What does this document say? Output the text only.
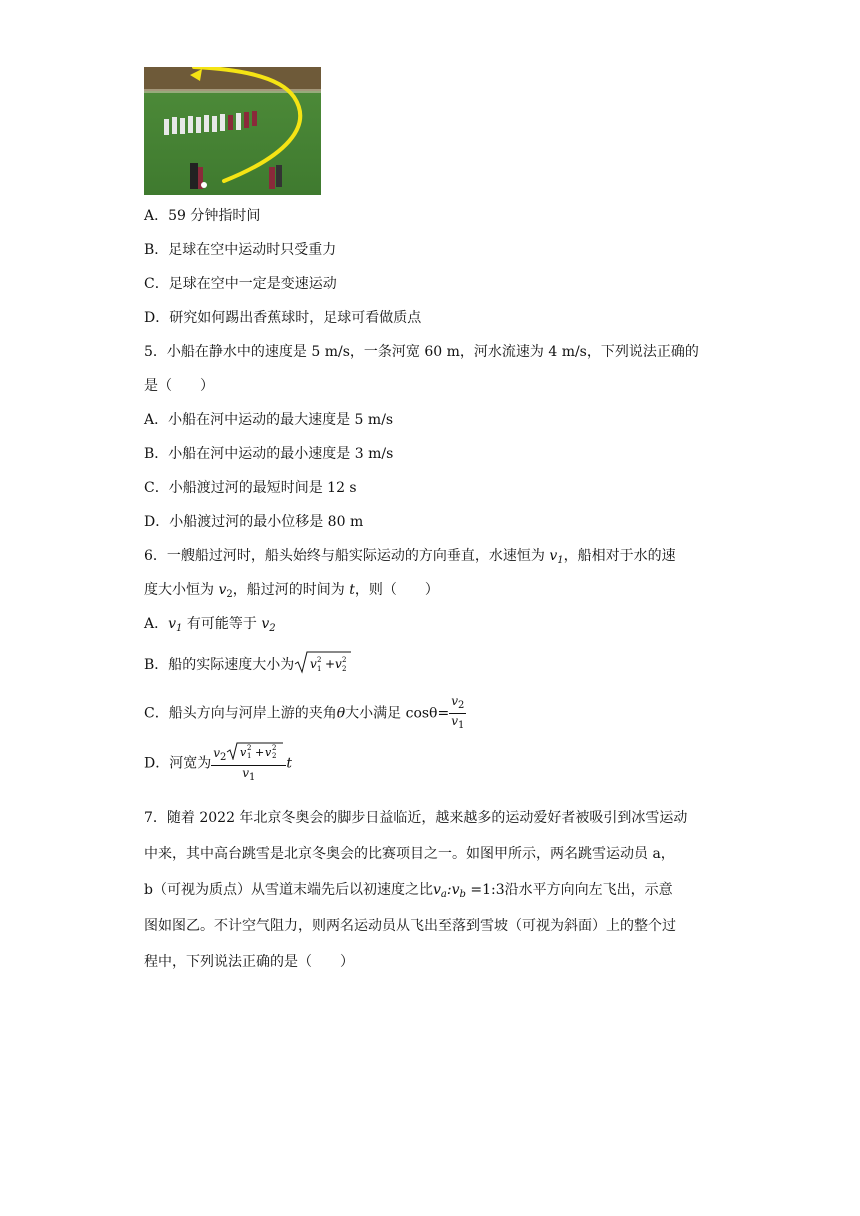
A．59 分钟指时间
B．足球在空中运动时只受重力
C．足球在空中一定是变速运动
D．研究如何踢出香蕉球时，足球可看做质点
5．小船在静水中的速度是 5 m/s，一条河宽 60 m，河水流速为 4 m/s，下列说法正确的
是（　　）
A．小船在河中运动的最大速度是 5 m/s
B．小船在河中运动的最小速度是 3 m/s
C．小船渡过河的最短时间是 12 s
D．小船渡过河的最小位移是 80 m
6．一艘船过河时，船头始终与船实际运动的方向垂直，水速恒为 $v_1$，船相对于水的速
度大小恒为 $v_2$，船过河的时间为 t，则（　　）
A．$v_1$ 有可能等于 $v_2$
B．船的实际速度大小为 v 1
2 + v 2
2
C．船头方向与河岸上游的夹角θ大小满足 $\cos\theta= \frac{v_2}{v_1}$
D．河宽为 $v_2$ v 1
2 + v 2
2
$v_1$ t
7．随着 2022 年北京冬奥会的脚步日益临近，越来越多的运动爱好者被吸引到冰雪运动
中来，其中高台跳雪是北京冬奥会的比赛项目之一。如图甲所示，两名跳雪运动员 a，
b（可视为质点）从雪道末端先后以初速度之比$v_a:v_b$ =1:3沿水平方向向左飞出，示意
图如图乙。不计空气阻力，则两名运动员从飞出至落到雪坡（可视为斜面）上的整个过
程中，下列说法正确的是（　　）
